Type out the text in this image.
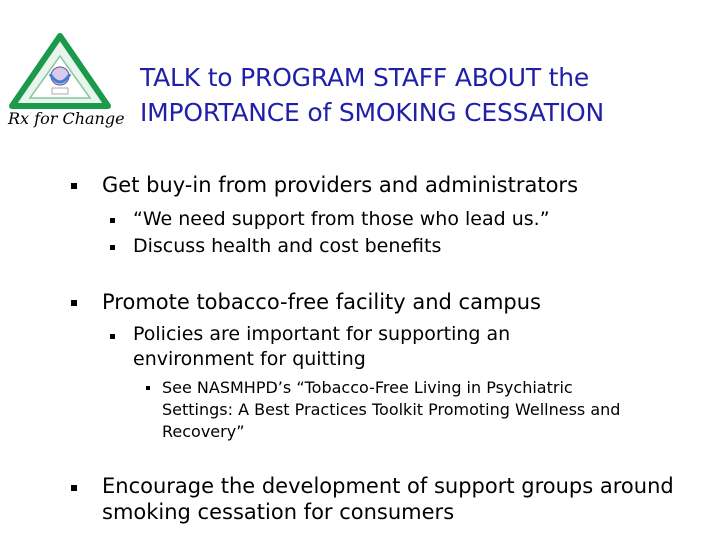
Rx for Change
TALK to PROGRAM STAFF ABOUT the
IMPORTANCE of SMOKING CESSATION
Get buy-in from providers and administrators
“We need support from those who lead us.”
Discuss health and cost benefits
Promote tobacco-free facility and campus
Policies are important for supporting an
environment for quitting
See NASMHPD’s “Tobacco-Free Living in Psychiatric
Settings: A Best Practices Toolkit Promoting Wellness and
Recovery”
Encourage the development of support groups around
smoking cessation for consumers
